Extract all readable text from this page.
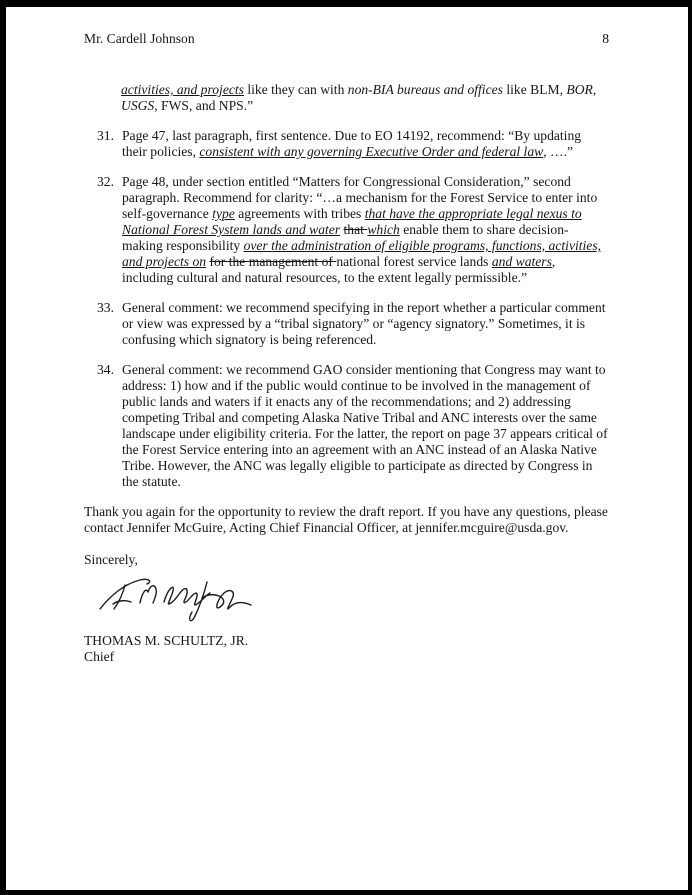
Mr. Cardell Johnson	8

activities, and projects like they can with non-BIA bureaus and offices like BLM, BOR, USGS, FWS, and NPS.”

31. Page 47, last paragraph, first sentence. Due to EO 14192, recommend: “By updating their policies, consistent with any governing Executive Order and federal law, ….”
32. Page 48, under section entitled “Matters for Congressional Consideration,” second paragraph. Recommend for clarity: “…a mechanism for the Forest Service to enter into self-governance type agreements with tribes that have the appropriate legal nexus to National Forest System lands and water that which enable them to share decision-making responsibility over the administration of eligible programs, functions, activities, and projects on for the management of national forest service lands and waters, including cultural and natural resources, to the extent legally permissible.”
33. General comment: we recommend specifying in the report whether a particular comment or view was expressed by a “tribal signatory” or “agency signatory.” Sometimes, it is confusing which signatory is being referenced.
34. General comment: we recommend GAO consider mentioning that Congress may want to address: 1) how and if the public would continue to be involved in the management of public lands and waters if it enacts any of the recommendations; and 2) addressing competing Tribal and competing Alaska Native Tribal and ANC interests over the same landscape under eligibility criteria. For the latter, the report on page 37 appears critical of the Forest Service entering into an agreement with an ANC instead of an Alaska Native Tribe. However, the ANC was legally eligible to participate as directed by Congress in the statute.

Thank you again for the opportunity to review the draft report. If you have any questions, please contact Jennifer McGuire, Acting Chief Financial Officer, at jennifer.mcguire@usda.gov.

Sincerely,

THOMAS M. SCHULTZ, JR.
Chief
